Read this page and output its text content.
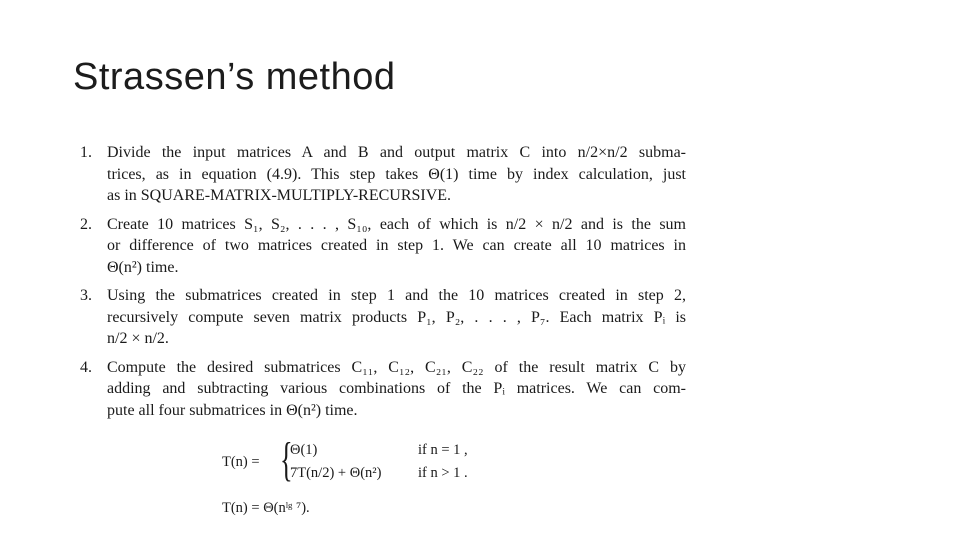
Strassen’s method
1. Divide the input matrices A and B and output matrix C into n/2×n/2 subma-
trices, as in equation (4.9). This step takes Θ(1) time by index calculation, just
as in SQUARE-MATRIX-MULTIPLY-RECURSIVE.
2. Create 10 matrices S₁, S₂, . . . , S₁₀, each of which is n/2 × n/2 and is the sum
or difference of two matrices created in step 1. We can create all 10 matrices in
Θ(n²) time.
3. Using the submatrices created in step 1 and the 10 matrices created in step 2,
recursively compute seven matrix products P₁, P₂, . . . , P₇. Each matrix Pᵢ is
n/2 × n/2.
4. Compute the desired submatrices C₁₁, C₁₂, C₂₁, C₂₂ of the result matrix C by
adding and subtracting various combinations of the Pᵢ matrices. We can com-
pute all four submatrices in Θ(n²) time.
T(n) = {
Θ(1)	if n = 1 ,
7T(n/2) + Θ(n²)	if n > 1 .
T(n) = Θ(nˡᵍ ⁷).
